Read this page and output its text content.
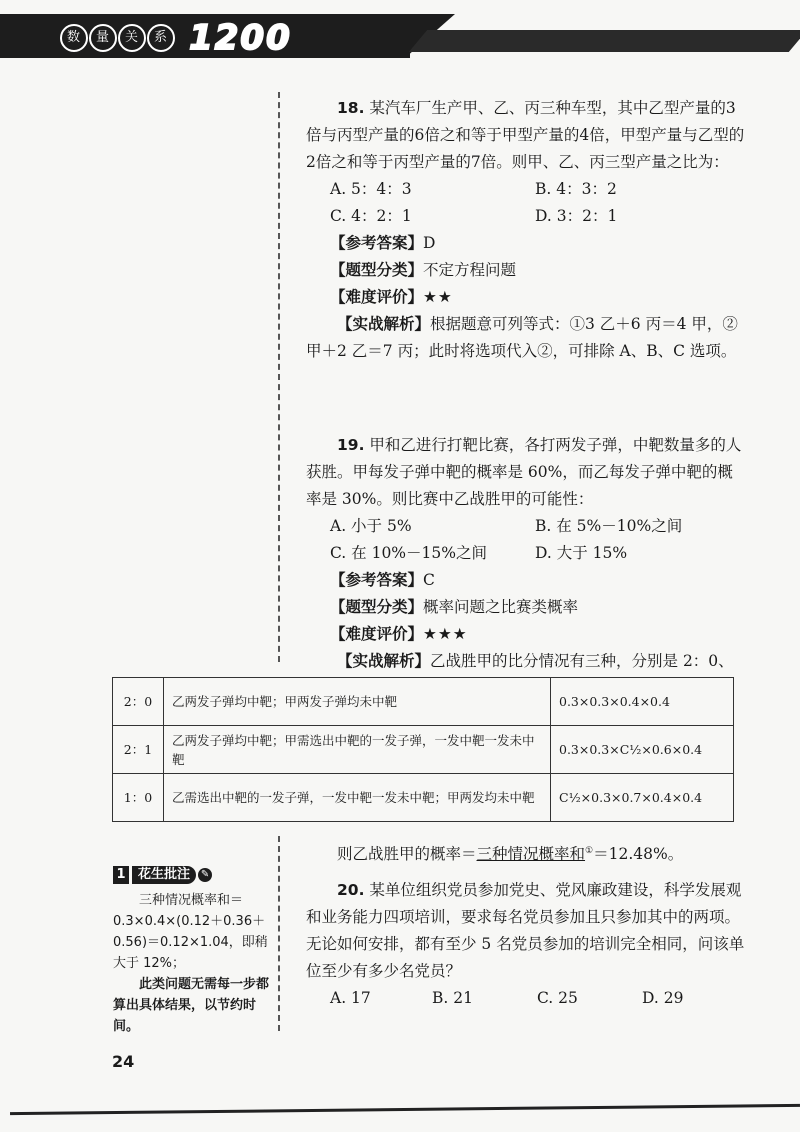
数 量 关 系 1200

18. 某汽车厂生产甲、乙、丙三种车型，其中乙型产量的3倍与丙型产量的6倍之和等于甲型产量的4倍，甲型产量与乙型的2倍之和等于丙型产量的7倍。则甲、乙、丙三型产量之比为：

A. 5：4：3	B. 4：3：2
C. 4：2：1	D. 3：2：1

【参考答案】D

【题型分类】不定方程问题

【难度评价】★★

【实战解析】根据题意可列等式：①3 乙＋6 丙＝4 甲，②甲＋2 乙＝7 丙；此时将选项代入②，可排除 A、B、C 选项。

19. 甲和乙进行打靶比赛，各打两发子弹，中靶数量多的人获胜。甲每发子弹中靶的概率是 60%，而乙每发子弹中靶的概率是 30%。则比赛中乙战胜甲的可能性：

A. 小于 5%	B. 在 5%－10%之间
C. 在 10%－15%之间	D. 大于 15%

【参考答案】C

【题型分类】概率问题之比赛类概率

【难度评价】★★★

【实战解析】乙战胜甲的比分情况有三种，分别是 2：0、

2：0	乙两发子弹均中靶；甲两发子弹均未中靶	0.3×0.3×0.4×0.4
2：1	乙两发子弹均中靶；甲需选出中靶的一发子弹，一发中靶一发未中靶	0.3×0.3×C½×0.6×0.4
1：0	乙需选出中靶的一发子弹，一发中靶一发未中靶；甲两发均未中靶	C½×0.3×0.7×0.4×0.4

则乙战胜甲的概率＝三种情况概率和①＝12.48%。

1 花生批注	✎

三种情况概率和＝0.3×0.4×(0.12＋0.36＋0.56)＝0.12×1.04，即稍大于 12%；

此类问题无需每一步都算出具体结果，以节约时间。

20. 某单位组织党员参加党史、党风廉政建设，科学发展观和业务能力四项培训，要求每名党员参加且只参加其中的两项。无论如何安排，都有至少 5 名党员参加的培训完全相同，问该单位至少有多少名党员？

A. 17	B. 21	C. 25	D. 29
24
